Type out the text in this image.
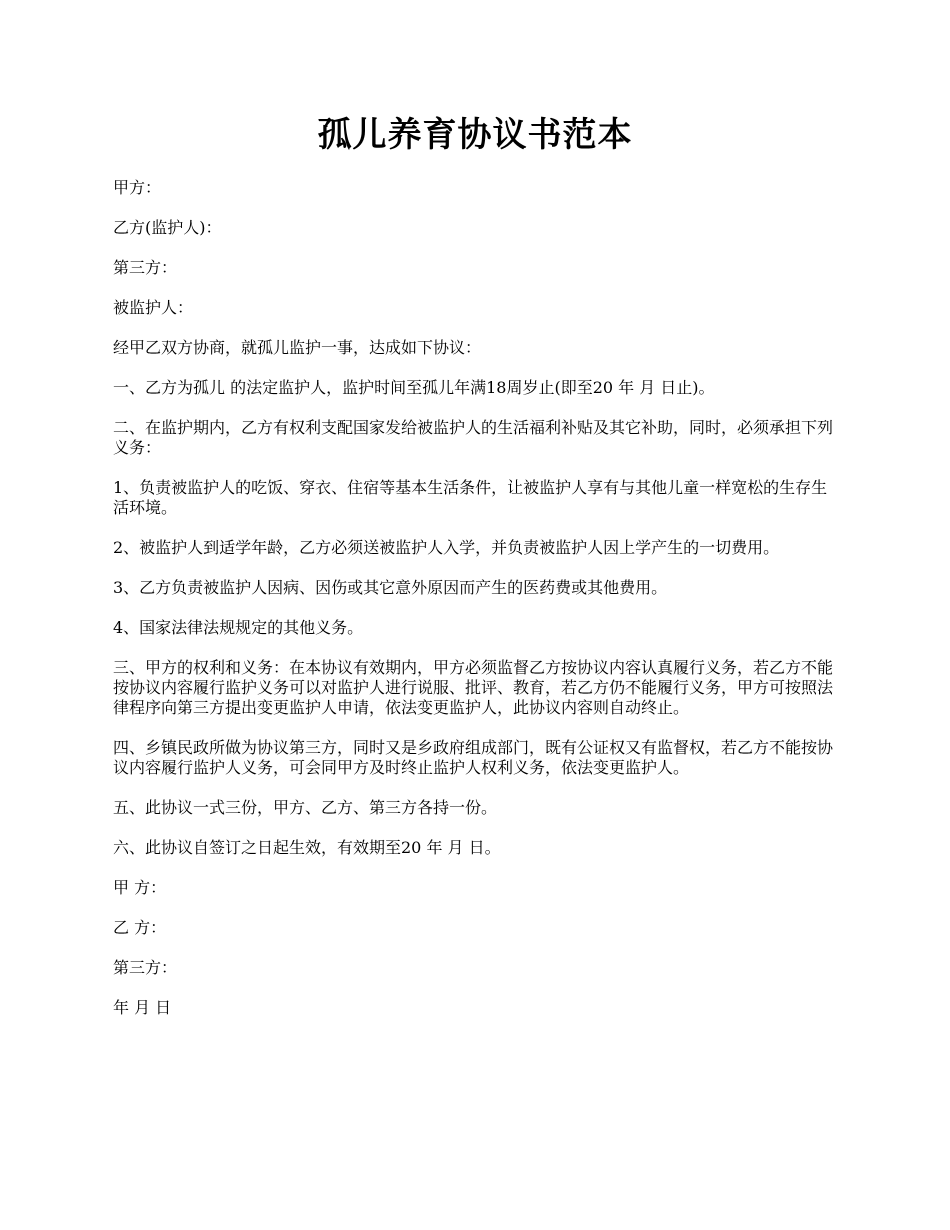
孤儿养育协议书范本

甲方：

乙方(监护人)：

第三方：

被监护人：

经甲乙双方协商，就孤儿监护一事，达成如下协议：

一、乙方为孤儿 的法定监护人，监护时间至孤儿年满18周岁止(即至20 年 月 日止)。

二、在监护期内，乙方有权利支配国家发给被监护人的生活福利补贴及其它补助，同时，必须承担下列义务：

1、负责被监护人的吃饭、穿衣、住宿等基本生活条件，让被监护人享有与其他儿童一样宽松的生存生活环境。

2、被监护人到适学年龄，乙方必须送被监护人入学，并负责被监护人因上学产生的一切费用。

3、乙方负责被监护人因病、因伤或其它意外原因而产生的医药费或其他费用。

4、国家法律法规规定的其他义务。

三、甲方的权利和义务：在本协议有效期内，甲方必须监督乙方按协议内容认真履行义务，若乙方不能按协议内容履行监护义务可以对监护人进行说服、批评、教育，若乙方仍不能履行义务，甲方可按照法律程序向第三方提出变更监护人申请，依法变更监护人，此协议内容则自动终止。

四、乡镇民政所做为协议第三方，同时又是乡政府组成部门，既有公证权又有监督权，若乙方不能按协议内容履行监护人义务，可会同甲方及时终止监护人权利义务，依法变更监护人。

五、此协议一式三份，甲方、乙方、第三方各持一份。

六、此协议自签订之日起生效，有效期至20 年 月 日。

甲 方：

乙 方：

第三方：

年 月 日
